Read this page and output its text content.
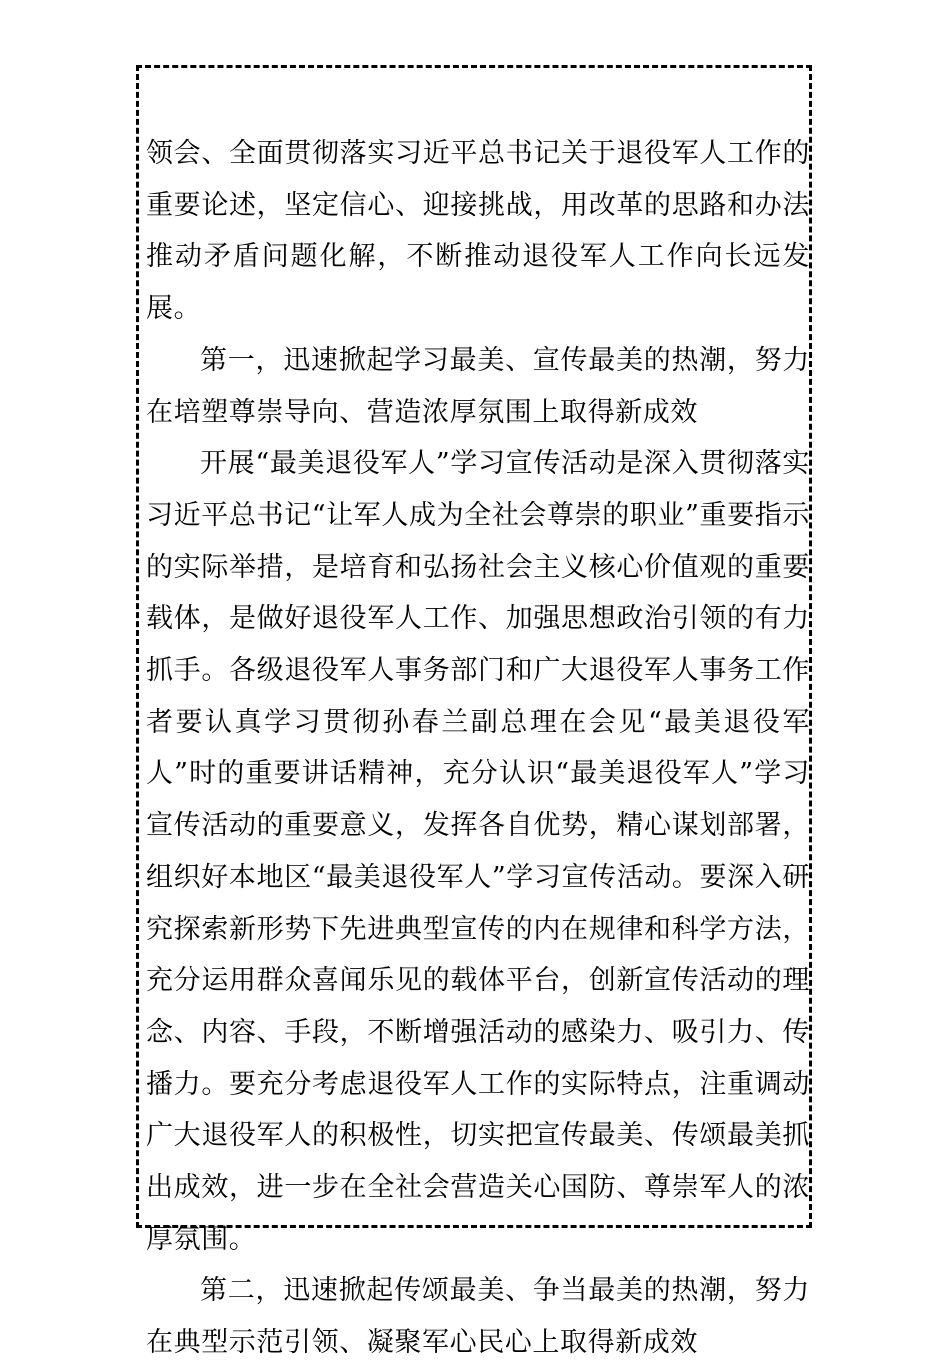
领会、全面贯彻落实习近平总书记关于退役军人工作的重要论述，坚定信心、迎接挑战，用改革的思路和办法推动矛盾问题化解，不断推动退役军人工作向长远发展。

第一，迅速掀起学习最美、宣传最美的热潮，努力在培塑尊崇导向、营造浓厚氛围上取得新成效

开展“最美退役军人”学习宣传活动是深入贯彻落实习近平总书记“让军人成为全社会尊崇的职业”重要指示的实际举措，是培育和弘扬社会主义核心价值观的重要载体，是做好退役军人工作、加强思想政治引领的有力抓手。各级退役军人事务部门和广大退役军人事务工作者要认真学习贯彻孙春兰副总理在会见“最美退役军人”时的重要讲话精神，充分认识“最美退役军人”学习宣传活动的重要意义，发挥各自优势，精心谋划部署，组织好本地区“最美退役军人”学习宣传活动。要深入研究探索新形势下先进典型宣传的内在规律和科学方法，充分运用群众喜闻乐见的载体平台，创新宣传活动的理念、内容、手段，不断增强活动的感染力、吸引力、传播力。要充分考虑退役军人工作的实际特点，注重调动广大退役军人的积极性，切实把宣传最美、传颂最美抓出成效，进一步在全社会营造关心国防、尊崇军人的浓厚氛围。

第二，迅速掀起传颂最美、争当最美的热潮，努力在典型示范引领、凝聚军心民心上取得新成效
